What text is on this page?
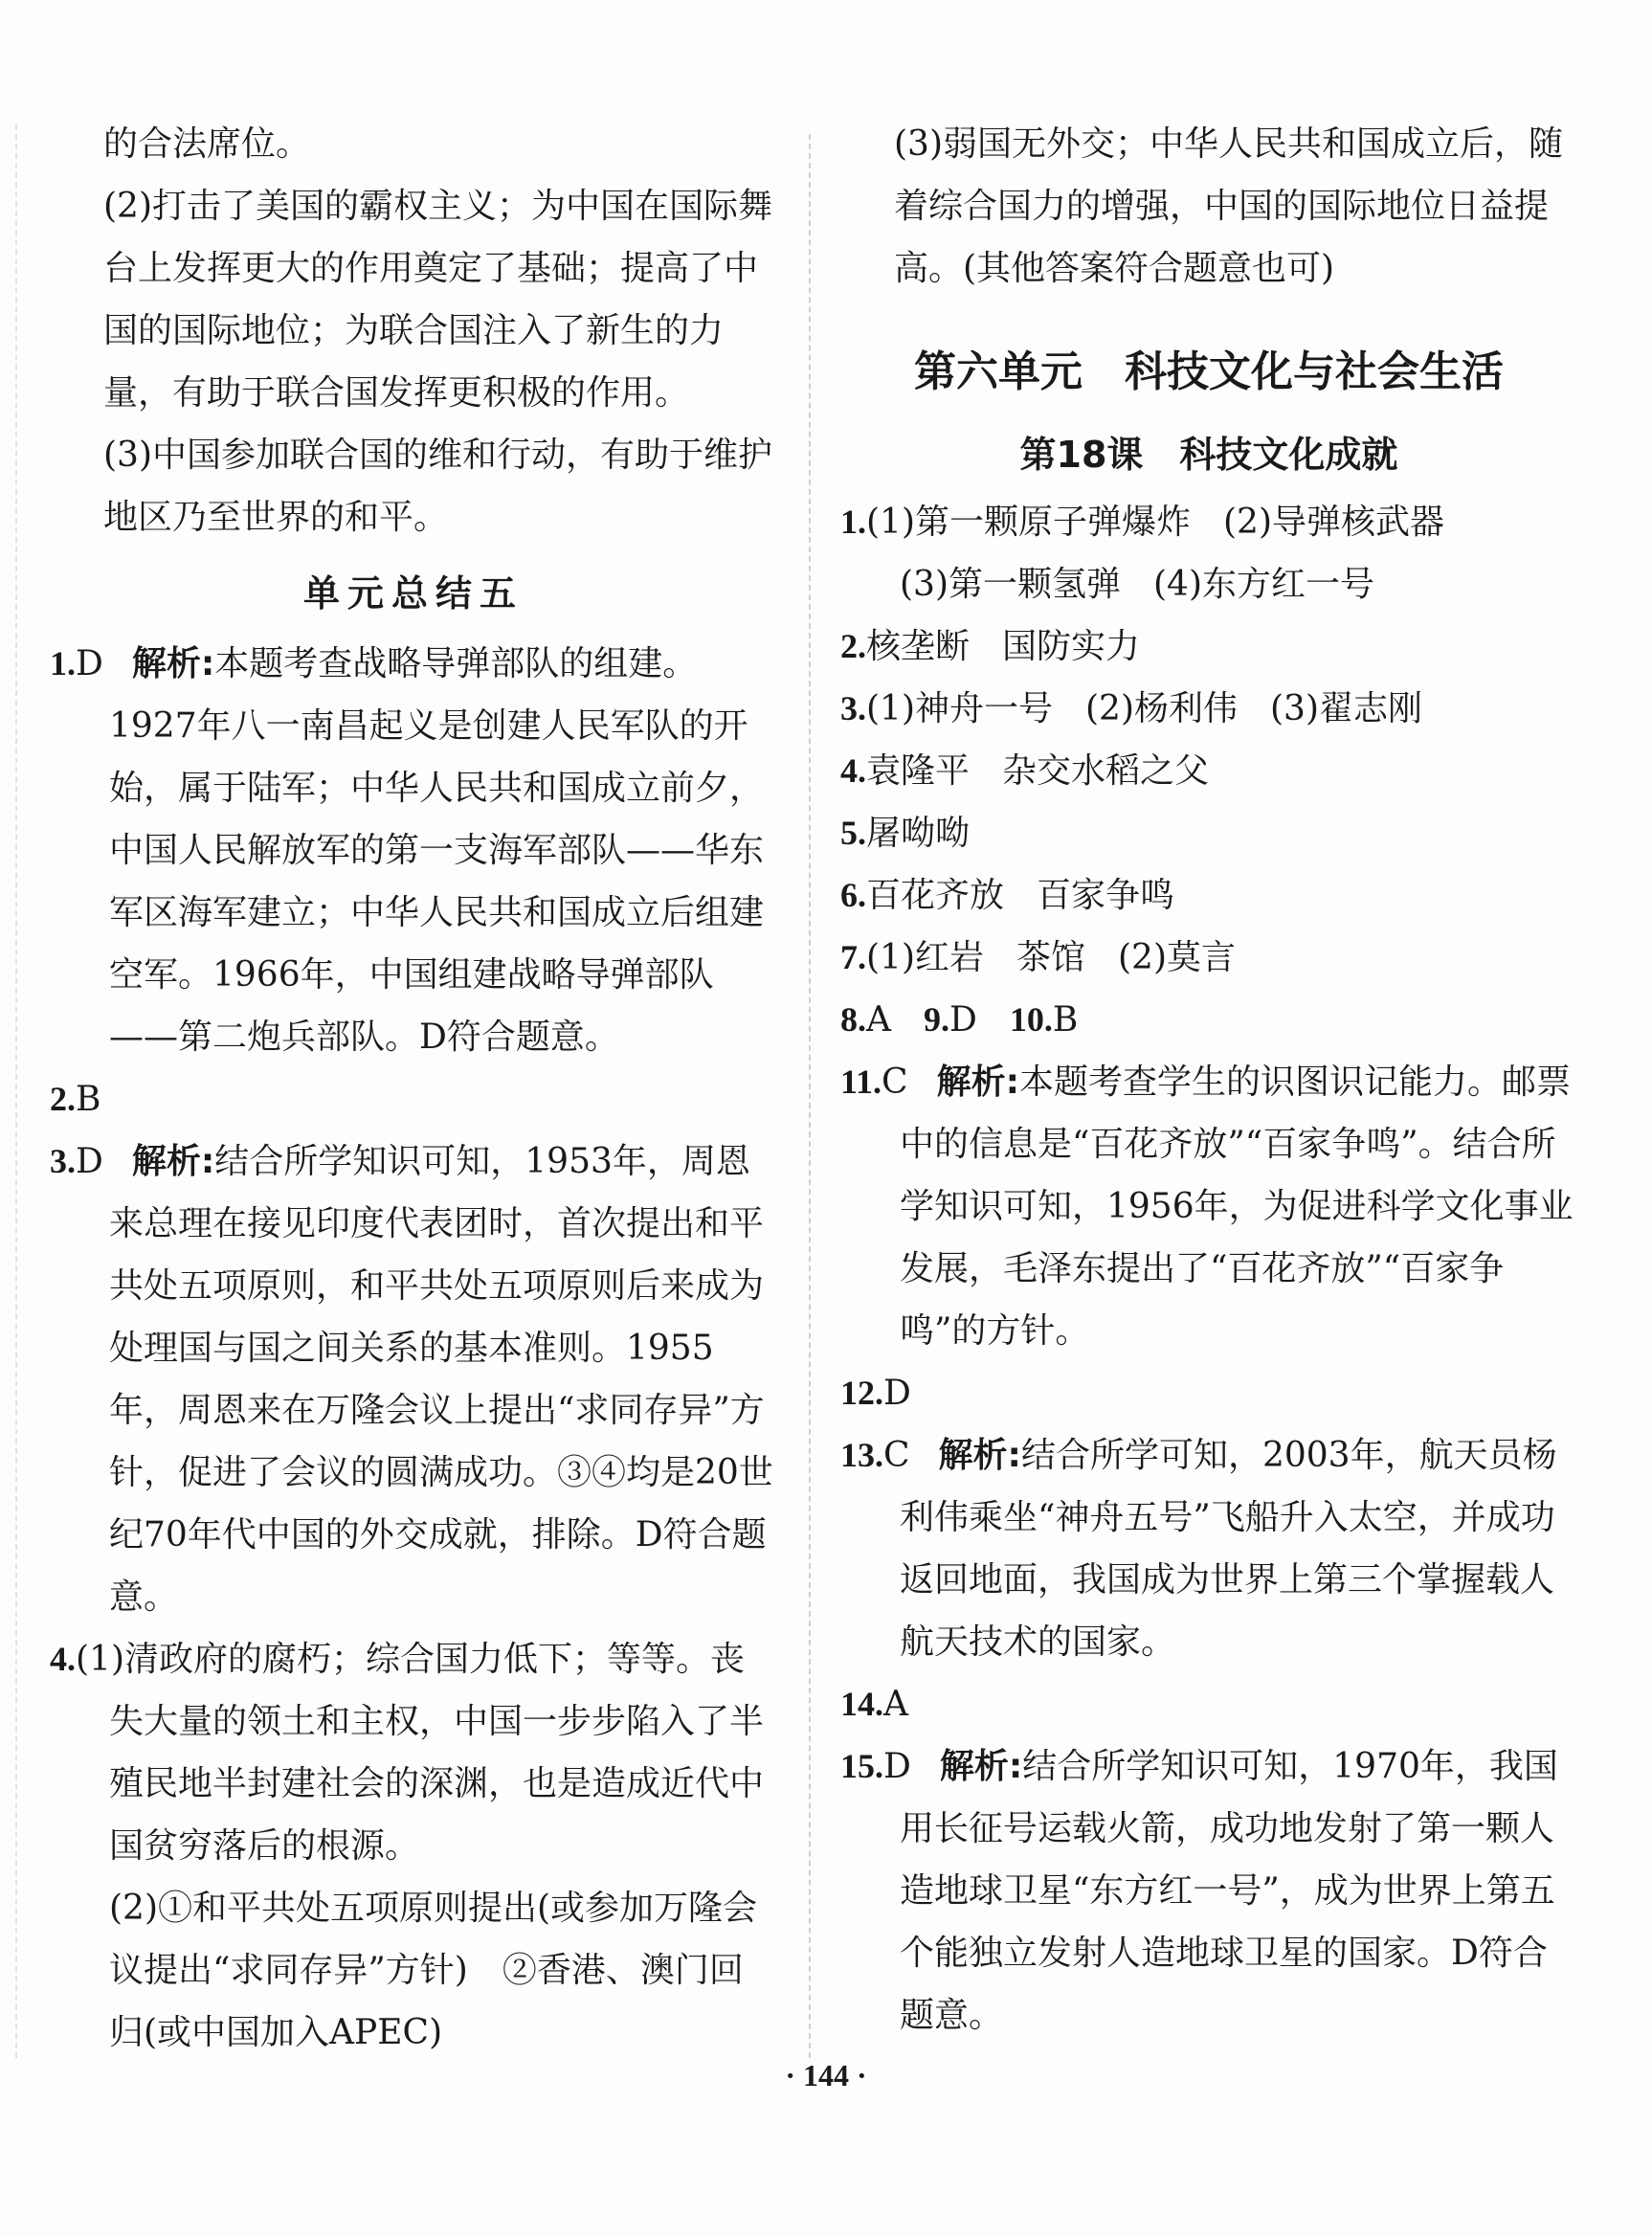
的合法席位。

(2)打击了美国的霸权主义；为中国在国际舞台上发挥更大的作用奠定了基础；提高了中国的国际地位；为联合国注入了新生的力量，有助于联合国发挥更积极的作用。

(3)中国参加联合国的维和行动，有助于维护地区乃至世界的和平。

单元总结五

1.D 解析:本题考查战略导弹部队的组建。1927年八一南昌起义是创建人民军队的开始，属于陆军；中华人民共和国成立前夕，中国人民解放军的第一支海军部队——华东军区海军建立；中华人民共和国成立后组建空军。1966年，中国组建战略导弹部队——第二炮兵部队。D符合题意。

2.B

3.D 解析:结合所学知识可知，1953年，周恩来总理在接见印度代表团时，首次提出和平共处五项原则，和平共处五项原则后来成为处理国与国之间关系的基本准则。1955年，周恩来在万隆会议上提出“求同存异”方针，促进了会议的圆满成功。③④均是20世纪70年代中国的外交成就，排除。D符合题意。

4.(1)清政府的腐朽；综合国力低下；等等。丧失大量的领土和主权，中国一步步陷入了半殖民地半封建社会的深渊，也是造成近代中国贫穷落后的根源。

(2)①和平共处五项原则提出(或参加万隆会议提出“求同存异”方针)　②香港、澳门回归(或中国加入APEC)

(3)弱国无外交；中华人民共和国成立后，随着综合国力的增强，中国的国际地位日益提高。(其他答案符合题意也可)

第六单元　科技文化与社会生活
第18课　科技文化成就

1.(1)第一颗原子弹爆炸 (2)导弹核武器
(3)第一颗氢弹 (4)东方红一号

2.核垄断 国防实力

3.(1)神舟一号 (2)杨利伟 (3)翟志刚

4.袁隆平 杂交水稻之父

5.屠呦呦

6.百花齐放 百家争鸣

7.(1)红岩 茶馆 (2)莫言

8.A 9.D 10.B

11.C 解析:本题考查学生的识图识记能力。邮票中的信息是“百花齐放”“百家争鸣”。结合所学知识可知，1956年，为促进科学文化事业发展，毛泽东提出了“百花齐放”“百家争鸣”的方针。

12.D

13.C 解析:结合所学可知，2003年，航天员杨利伟乘坐“神舟五号”飞船升入太空，并成功返回地面，我国成为世界上第三个掌握载人航天技术的国家。

14.A

15.D 解析:结合所学知识可知，1970年，我国用长征号运载火箭，成功地发射了第一颗人造地球卫星“东方红一号”，成为世界上第五个能独立发射人造地球卫星的国家。D符合题意。

· 144 ·
